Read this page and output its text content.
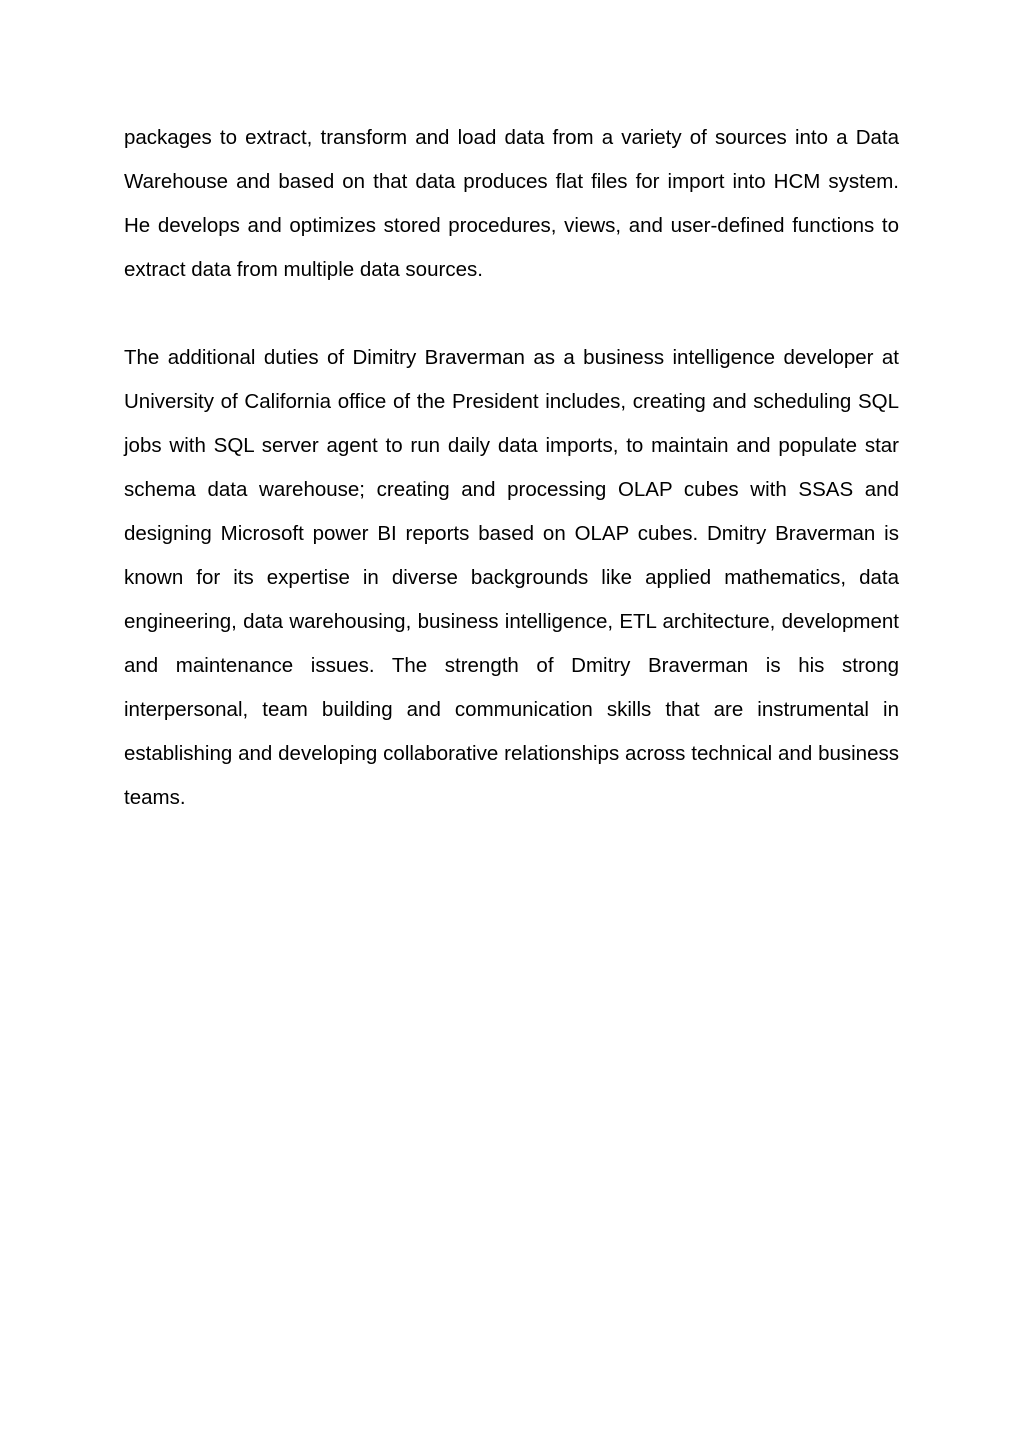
packages to extract, transform and load data from a variety of sources into a Data Warehouse and based on that data produces flat files for import into HCM system. He develops and optimizes stored procedures, views, and user-defined functions to extract data from multiple data sources.

The additional duties of Dimitry Braverman as a business intelligence developer at University of California office of the President includes, creating and scheduling SQL jobs with SQL server agent to run daily data imports, to maintain and populate star schema data warehouse; creating and processing OLAP cubes with SSAS and designing Microsoft power BI reports based on OLAP cubes. Dmitry Braverman is known for its expertise in diverse backgrounds like applied mathematics, data engineering, data warehousing, business intelligence, ETL architecture, development and maintenance issues. The strength of Dmitry Braverman is his strong interpersonal, team building and communication skills that are instrumental in establishing and developing collaborative relationships across technical and business teams.
